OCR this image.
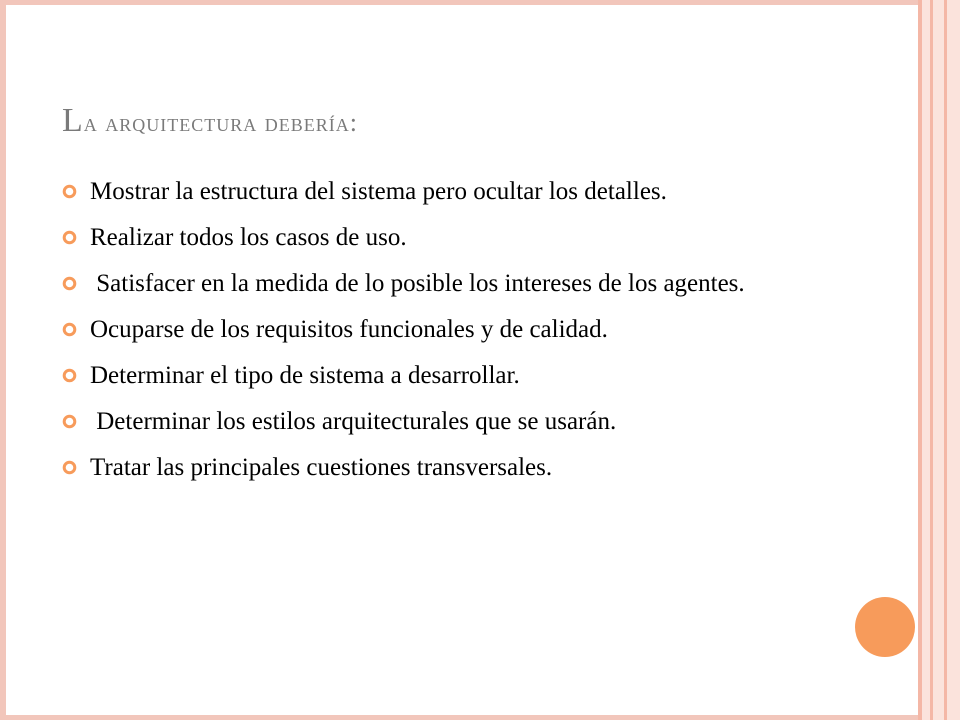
La arquitectura debería:
Mostrar la estructura del sistema pero ocultar los detalles.
Realizar todos los casos de uso.
Satisfacer en la medida de lo posible los intereses de los agentes.
Ocuparse de los requisitos funcionales y de calidad.
Determinar el tipo de sistema a desarrollar.
Determinar los estilos arquitecturales que se usarán.
Tratar las principales cuestiones transversales.
